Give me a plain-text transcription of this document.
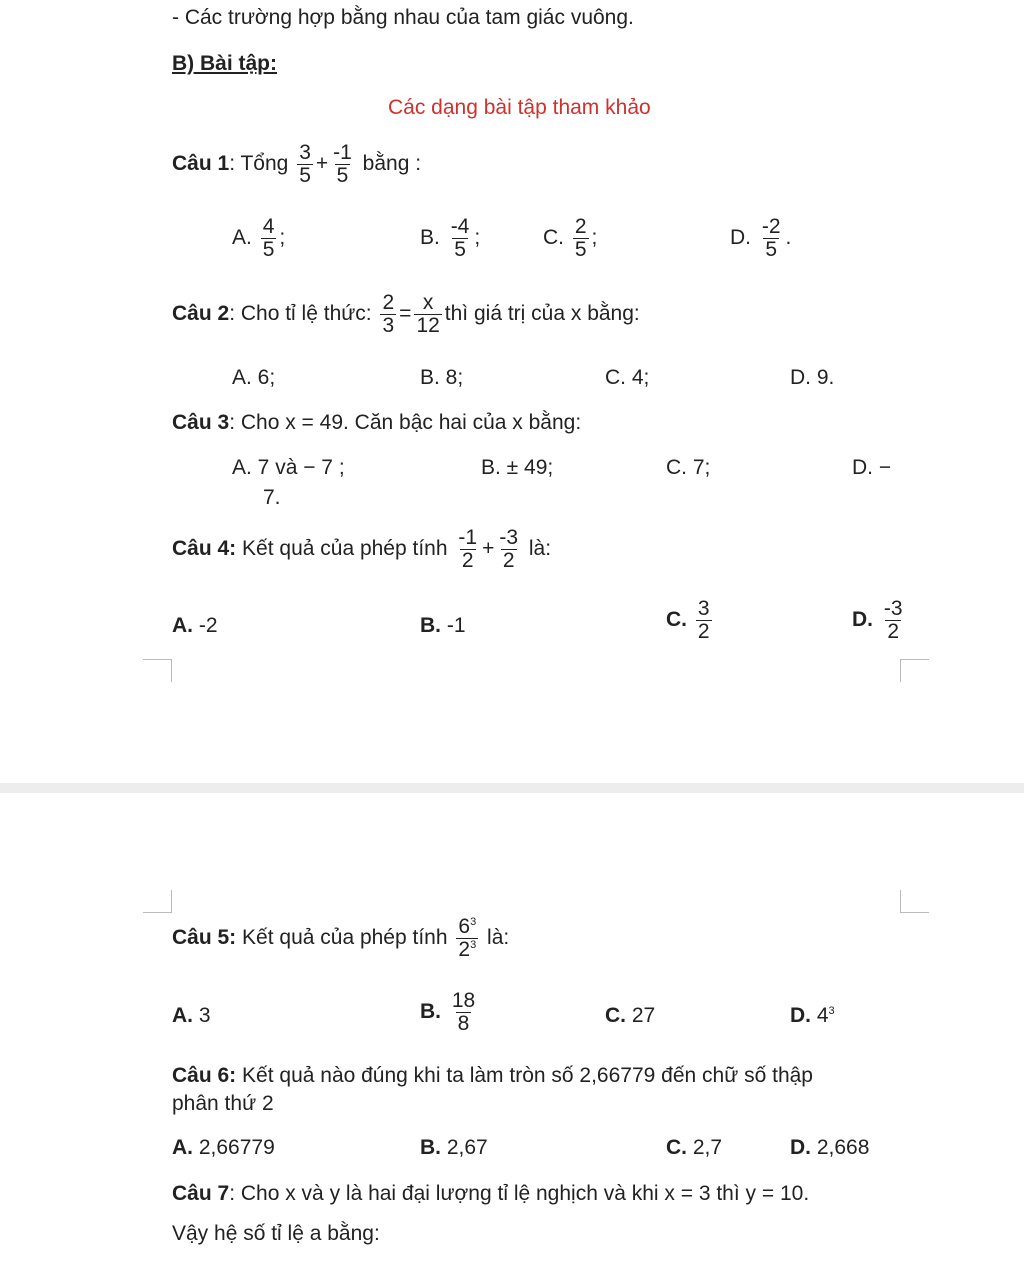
- Các trường hợp bằng nhau của tam giác vuông.
B) Bài tập:
Các dạng bài tập tham khảo
Câu 1: Tổng $\frac{3}{5} + \frac{-1}{5}$ bằng :
A. $\frac{4}{5}$ ;	B. $\frac{-4}{5}$ ;	C. $\frac{2}{5}$ ;	D. $\frac{-2}{5}$ .
Câu 2: Cho tỉ lệ thức: $\frac{2}{3} = \frac{x}{12}$ thì giá trị của x bằng:
A. 6;	B. 8;	C. 4;	D. 9.
Câu 3: Cho x = 49. Căn bậc hai của x bằng:
A. 7 và − 7 ;	B. ± 49;	C. 7;	D. −
7.
Câu 4: Kết quả của phép tính $\frac{-1}{2} + \frac{-3}{2}$ là:
A. -2	B. -1	C. $\frac{3}{2}$	D. $\frac{-3}{2}$
Câu 5: Kết quả của phép tính $\frac{6^3}{2^3}$ là:
A. 3	B. $\frac{18}{8}$	C. 27	D. $4^3$
Câu 6: Kết quả nào đúng khi ta làm tròn số 2,66779 đến chữ số thập
phân thứ 2
A. 2,66779	B. 2,67	C. 2,7	D. 2,668
Câu 7: Cho x và y là hai đại lượng tỉ lệ nghịch và khi x = 3 thì y = 10.
Vậy hệ số tỉ lệ a bằng:
